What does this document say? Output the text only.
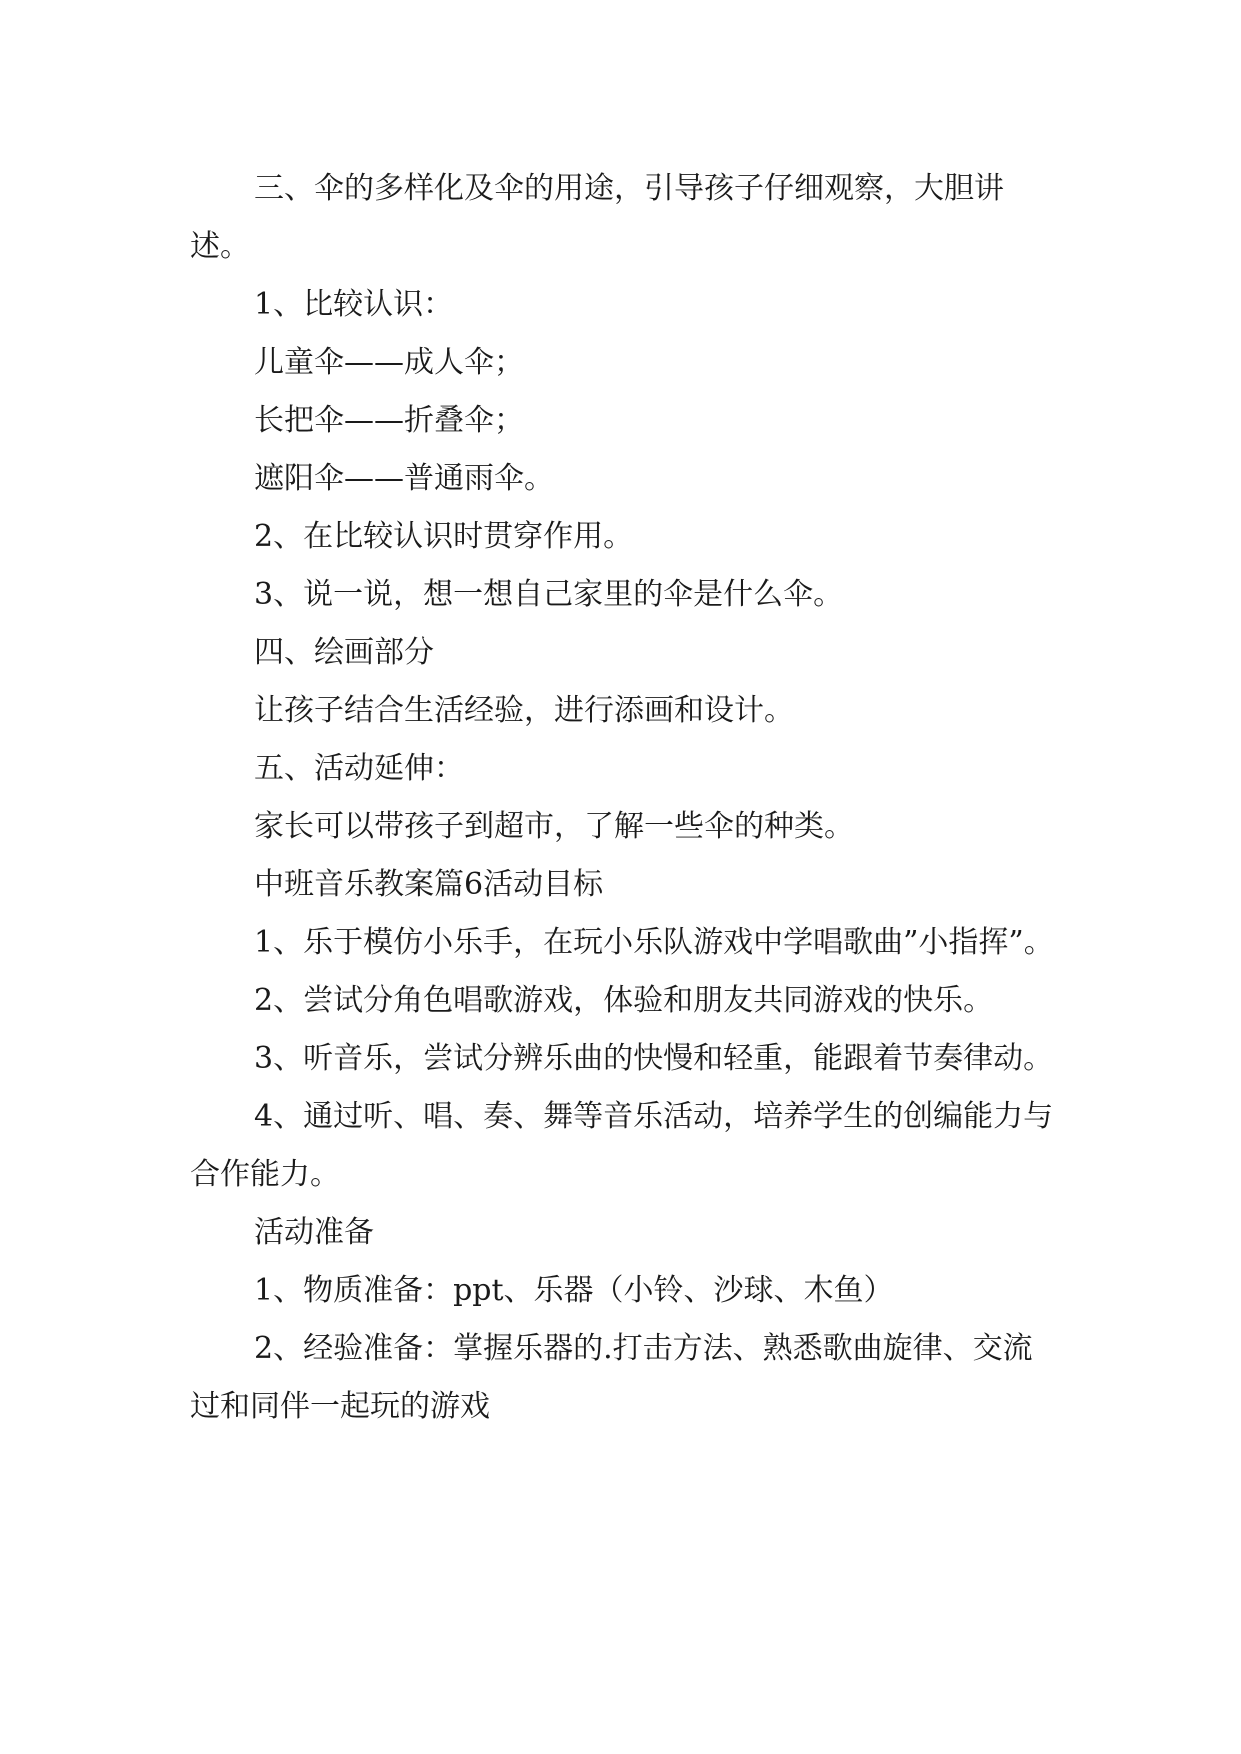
三、伞的多样化及伞的用途，引导孩子仔细观察，大胆讲述。

1、比较认识：

儿童伞——成人伞；

长把伞——折叠伞；

遮阳伞——普通雨伞。

2、在比较认识时贯穿作用。

3、说一说，想一想自己家里的伞是什么伞。

四、绘画部分

让孩子结合生活经验，进行添画和设计。

五、活动延伸：

家长可以带孩子到超市，了解一些伞的种类。

中班音乐教案篇6活动目标

1、乐于模仿小乐手，在玩小乐队游戏中学唱歌曲”小指挥”。

2、尝试分角色唱歌游戏，体验和朋友共同游戏的快乐。

3、听音乐，尝试分辨乐曲的快慢和轻重，能跟着节奏律动。

4、通过听、唱、奏、舞等音乐活动，培养学生的创编能力与合作能力。

活动准备

1、物质准备：ppt、乐器（小铃、沙球、木鱼）

2、经验准备：掌握乐器的.打击方法、熟悉歌曲旋律、交流过和同伴一起玩的游戏
